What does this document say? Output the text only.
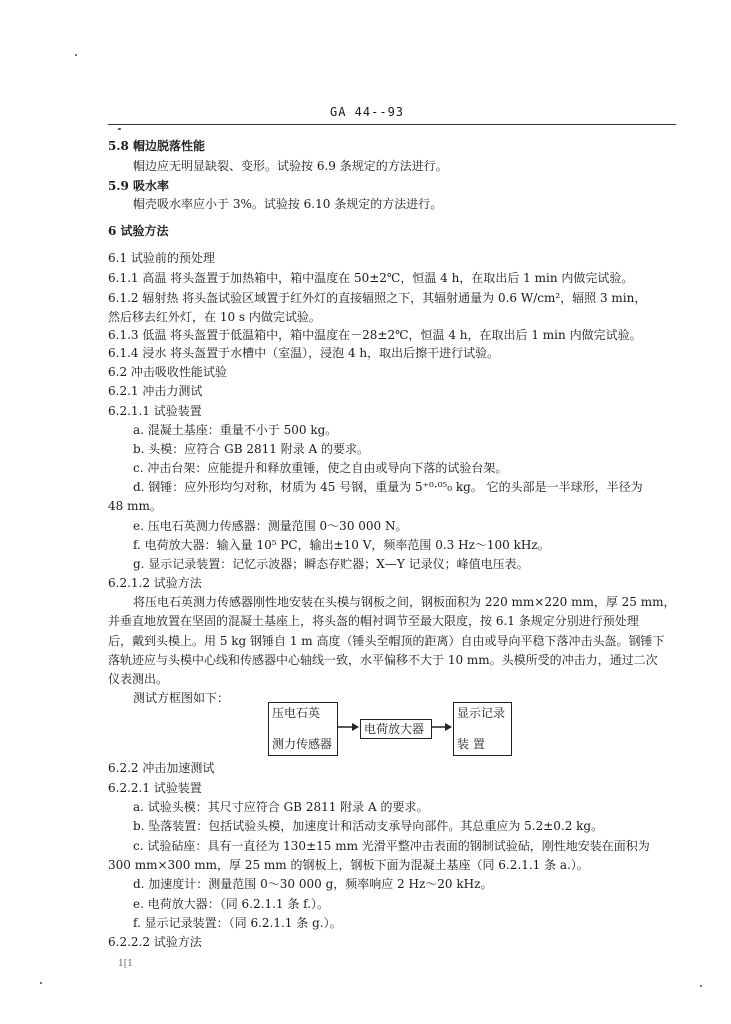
GA 44--93
5.8 帽边脱落性能
帽边应无明显缺裂、变形。试验按 6.9 条规定的方法进行。
5.9 吸水率
帽壳吸水率应小于 3%。试验按 6.10 条规定的方法进行。
6 试验方法
6.1 试验前的预处理
6.1.1 高温 将头盔置于加热箱中，箱中温度在 50±2℃，恒温 4 h，在取出后 1 min 内做完试验。
6.1.2 辐射热 将头盔试验区域置于红外灯的直接辐照之下，其辐射通量为 0.6 W/cm²，辐照 3 min，
然后移去红外灯，在 10 s 内做完试验。
6.1.3 低温 将头盔置于低温箱中，箱中温度在－28±2℃，恒温 4 h，在取出后 1 min 内做完试验。
6.1.4 浸水 将头盔置于水槽中（室温），浸泡 4 h，取出后擦干进行试验。
6.2 冲击吸收性能试验
6.2.1 冲击力测试
6.2.1.1 试验装置
a. 混凝土基座：重量不小于 500 kg。
b. 头模：应符合 GB 2811 附录 A 的要求。
c. 冲击台架：应能提升和释放重锤，使之自由或导向下落的试验台架。
d. 钢锤：应外形均匀对称，材质为 45 号钢，重量为 5⁺⁰·⁰⁵₀ kg。 它的头部是一半球形，半径为
48 mm。
e. 压电石英测力传感器：测量范围 0～30 000 N。
f. 电荷放大器：输入量 10⁵ PC，输出±10 V，频率范围 0.3 Hz～100 kHz。
g. 显示记录装置：记忆示波器；瞬态存贮器；X—Y 记录仪；峰值电压表。
6.2.1.2 试验方法
将压电石英测力传感器刚性地安装在头模与钢板之间，钢板面积为 220 mm×220 mm，厚 25 mm，
并垂直地放置在坚固的混凝土基座上，将头盔的帽衬调节至最大限度，按 6.1 条规定分别进行预处理
后，戴到头模上。用 5 kg 钢锤自 1 m 高度（锤头至帽顶的距离）自由或导向平稳下落冲击头盔。钢锤下
落轨迹应与头模中心线和传感器中心轴线一致，水平偏移不大于 10 mm。头模所受的冲击力，通过二次
仪表测出。
测试方框图如下：
6.2.2 冲击加速测试
6.2.2.1 试验装置
a. 试验头模：其尺寸应符合 GB 2811 附录 A 的要求。
b. 坠落装置：包括试验头模，加速度计和活动支承导向部件。其总重应为 5.2±0.2 kg。
c. 试验砧座：具有一直径为 130±15 mm 光滑平整冲击表面的钢制试验砧，刚性地安装在面积为
300 mm×300 mm，厚 25 mm 的钢板上，钢板下面为混凝土基座（同 6.2.1.1 条 a.）。
d. 加速度计：测量范围 0～30 000 g，频率响应 2 Hz～20 kHz。
e. 电荷放大器：（同 6.2.1.1 条 f.）。
f. 显示记录装置：（同 6.2.1.1 条 g.）。
6.2.2.2 试验方法
压电石英
测力传感器
电荷放大器
显示记录
装 置
1[1
